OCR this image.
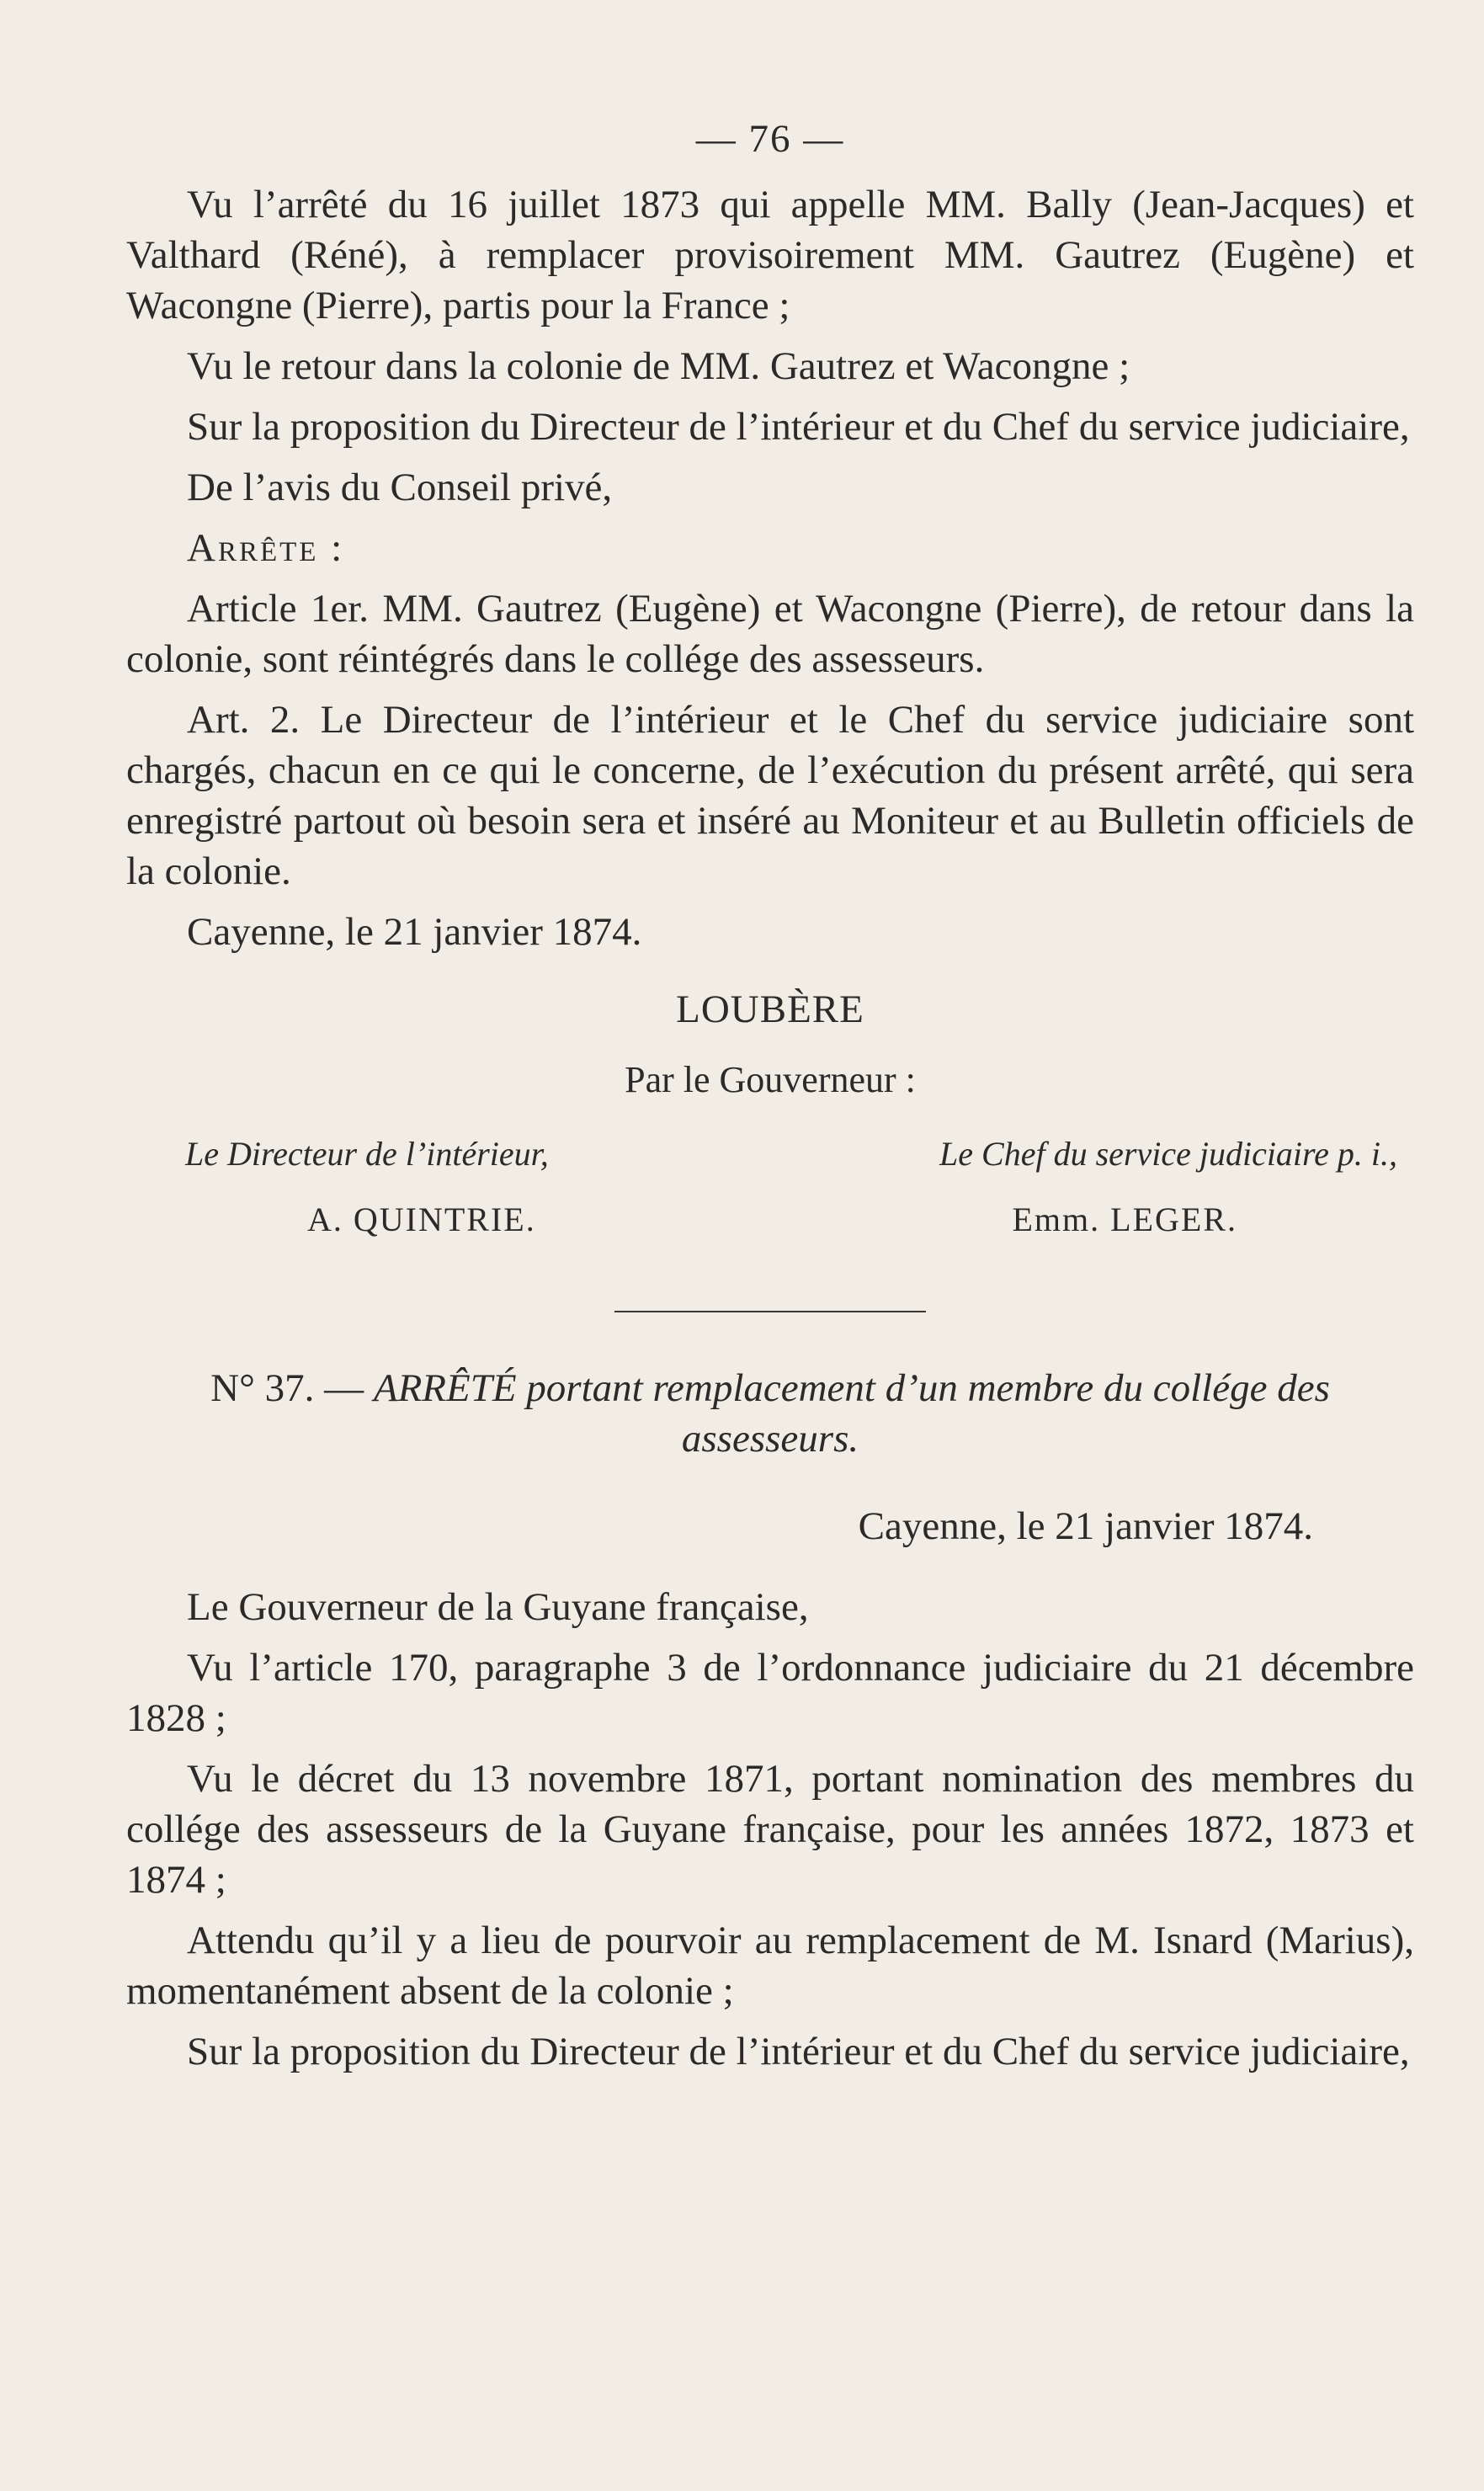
— 76 —

Vu l’arrêté du 16 juillet 1873 qui appelle MM. Bally (Jean-Jacques) et Valthard (Réné), à remplacer provisoirement MM. Gautrez (Eugène) et Wacongne (Pierre), partis pour la France ;

Vu le retour dans la colonie de MM. Gautrez et Wacongne ;

Sur la proposition du Directeur de l’intérieur et du Chef du service judiciaire,

De l’avis du Conseil privé,

Arrête :

Article 1er. MM. Gautrez (Eugène) et Wacongne (Pierre), de retour dans la colonie, sont réintégrés dans le collége des assesseurs.

Art. 2. Le Directeur de l’intérieur et le Chef du service judiciaire sont chargés, chacun en ce qui le concerne, de l’exécution du présent arrêté, qui sera enregistré partout où besoin sera et inséré au Moniteur et au Bulletin officiels de la colonie.

Cayenne, le 21 janvier 1874.

LOUBÈRE
Par le Gouverneur :
Le Directeur de l’intérieur,	Le Chef du service judiciaire p. i.,
A. QUINTRIE.	Emm. LEGER.

N° 37. — ARRÊTÉ portant remplacement d’un membre du collége des assesseurs.

Cayenne, le 21 janvier 1874.

Le Gouverneur de la Guyane française,

Vu l’article 170, paragraphe 3 de l’ordonnance judiciaire du 21 décembre 1828 ;

Vu le décret du 13 novembre 1871, portant nomination des membres du collége des assesseurs de la Guyane française, pour les années 1872, 1873 et 1874 ;

Attendu qu’il y a lieu de pourvoir au remplacement de M. Isnard (Marius), momentanément absent de la colonie ;

Sur la proposition du Directeur de l’intérieur et du Chef du service judiciaire,
